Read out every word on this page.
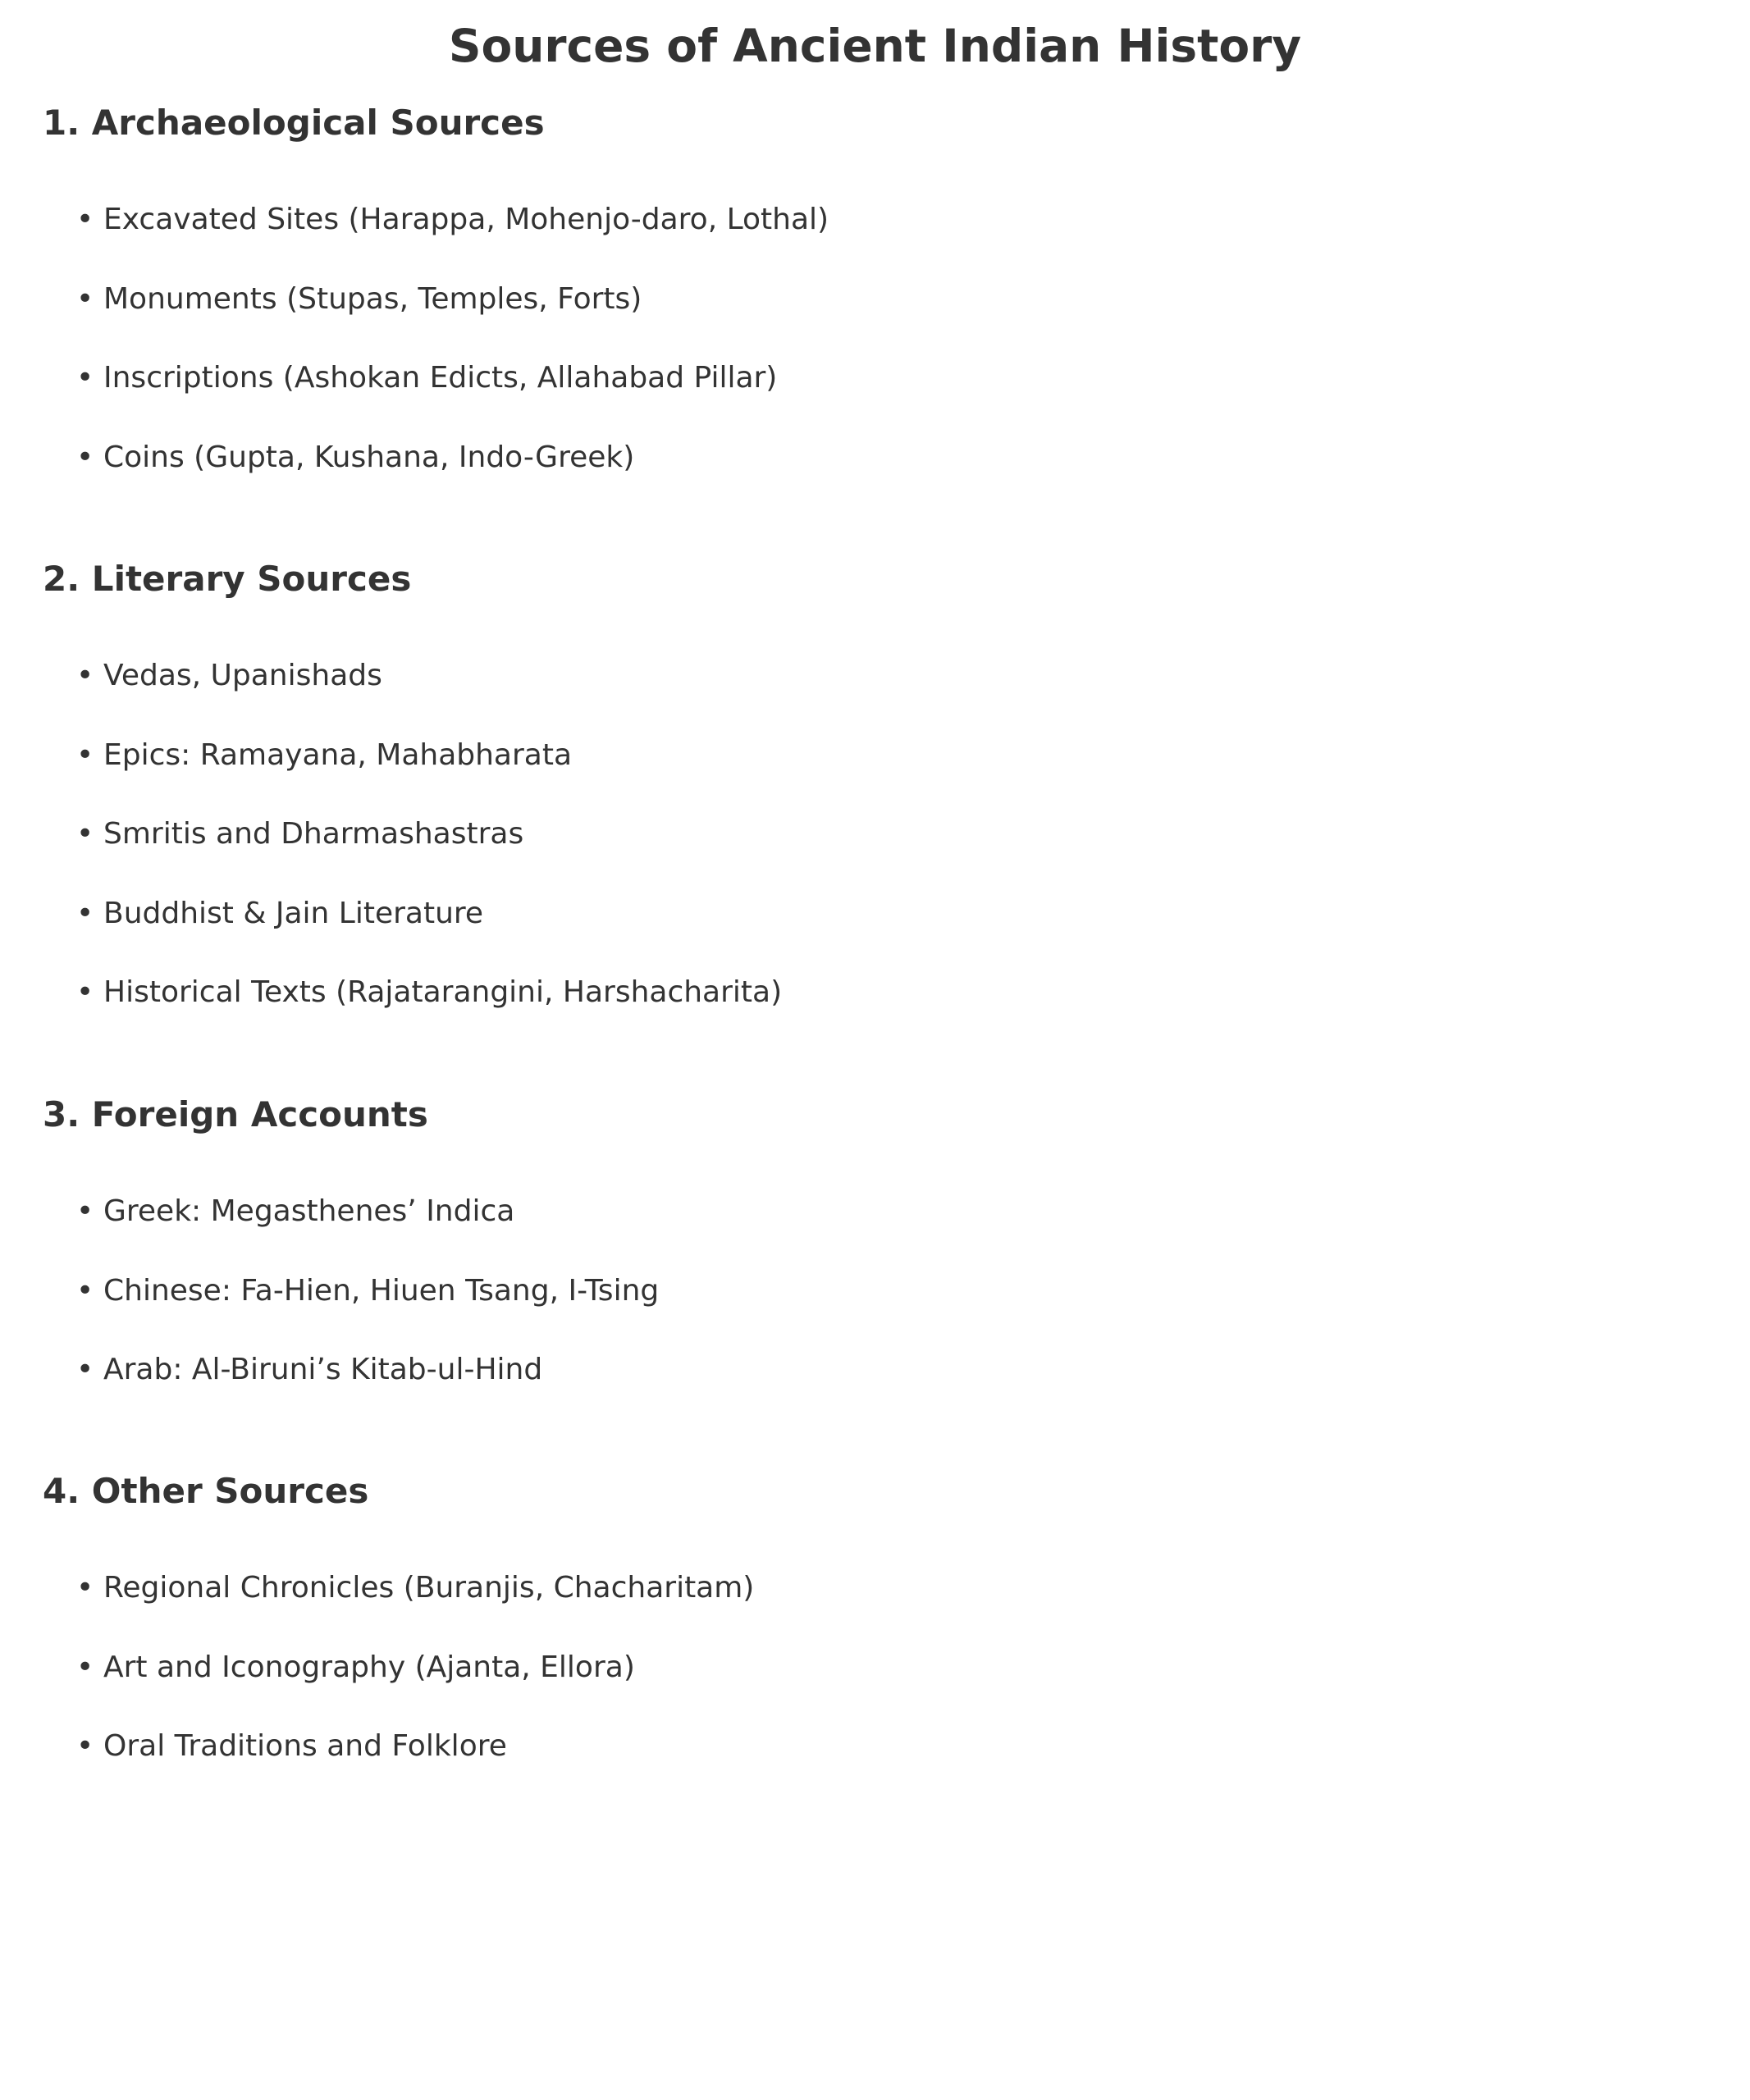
Sources of Ancient Indian History
1. Archaeological Sources
• Excavated Sites (Harappa, Mohenjo-daro, Lothal)
• Monuments (Stupas, Temples, Forts)
• Inscriptions (Ashokan Edicts, Allahabad Pillar)
• Coins (Gupta, Kushana, Indo-Greek)
2. Literary Sources
• Vedas, Upanishads
• Epics: Ramayana, Mahabharata
• Smritis and Dharmashastras
• Buddhist & Jain Literature
• Historical Texts (Rajatarangini, Harshacharita)
3. Foreign Accounts
• Greek: Megasthenes’ Indica
• Chinese: Fa-Hien, Hiuen Tsang, I-Tsing
• Arab: Al-Biruni’s Kitab-ul-Hind
4. Other Sources
• Regional Chronicles (Buranjis, Chacharitam)
• Art and Iconography (Ajanta, Ellora)
• Oral Traditions and Folklore
